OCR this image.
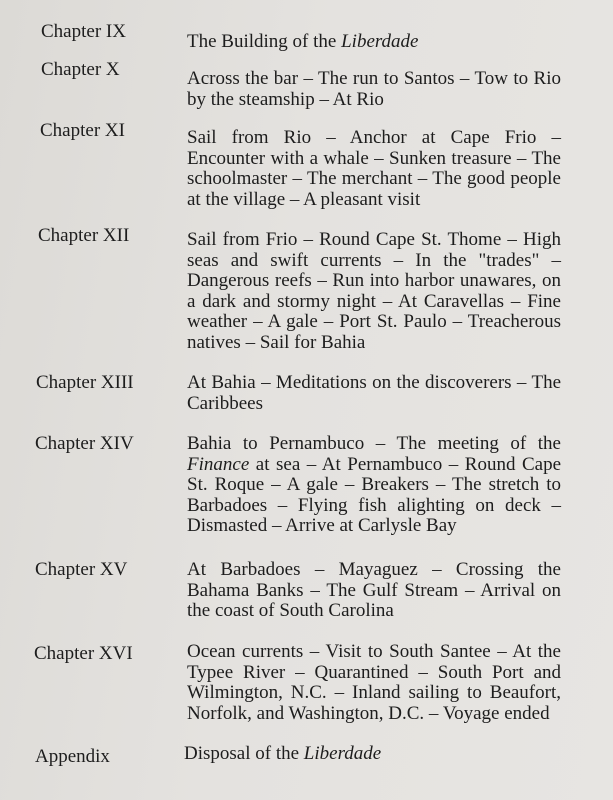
Chapter IX	The Building of the Liberdade
Chapter X	Across the bar – The run to Santos – Tow to Rio by the steamship – At Rio
Chapter XI	Sail from Rio – Anchor at Cape Frio – Encounter with a whale – Sunken treasure – The schoolmaster – The merchant – The good people at the village – A pleasant visit
Chapter XII	Sail from Frio – Round Cape St. Thome – High seas and swift currents – In the "trades" – Dangerous reefs – Run into harbor unawares, on a dark and stormy night – At Caravellas – Fine weather – A gale – Port St. Paulo – Treacherous natives – Sail for Bahia
Chapter XIII	At Bahia – Meditations on the discoverers – The Caribbees
Chapter XIV	Bahia to Pernambuco – The meeting of the Finance at sea – At Pernambuco – Round Cape St. Roque – A gale – Breakers – The stretch to Barbadoes – Flying fish alighting on deck – Dismasted – Arrive at Carlysle Bay
Chapter XV	At Barbadoes – Mayaguez – Crossing the Bahama Banks – The Gulf Stream – Arrival on the coast of South Carolina
Chapter XVI	Ocean currents – Visit to South Santee – At the Typee River – Quarantined – South Port and Wilmington, N.C. – Inland sailing to Beaufort, Norfolk, and Washington, D.C. – Voyage ended
Appendix	Disposal of the Liberdade
